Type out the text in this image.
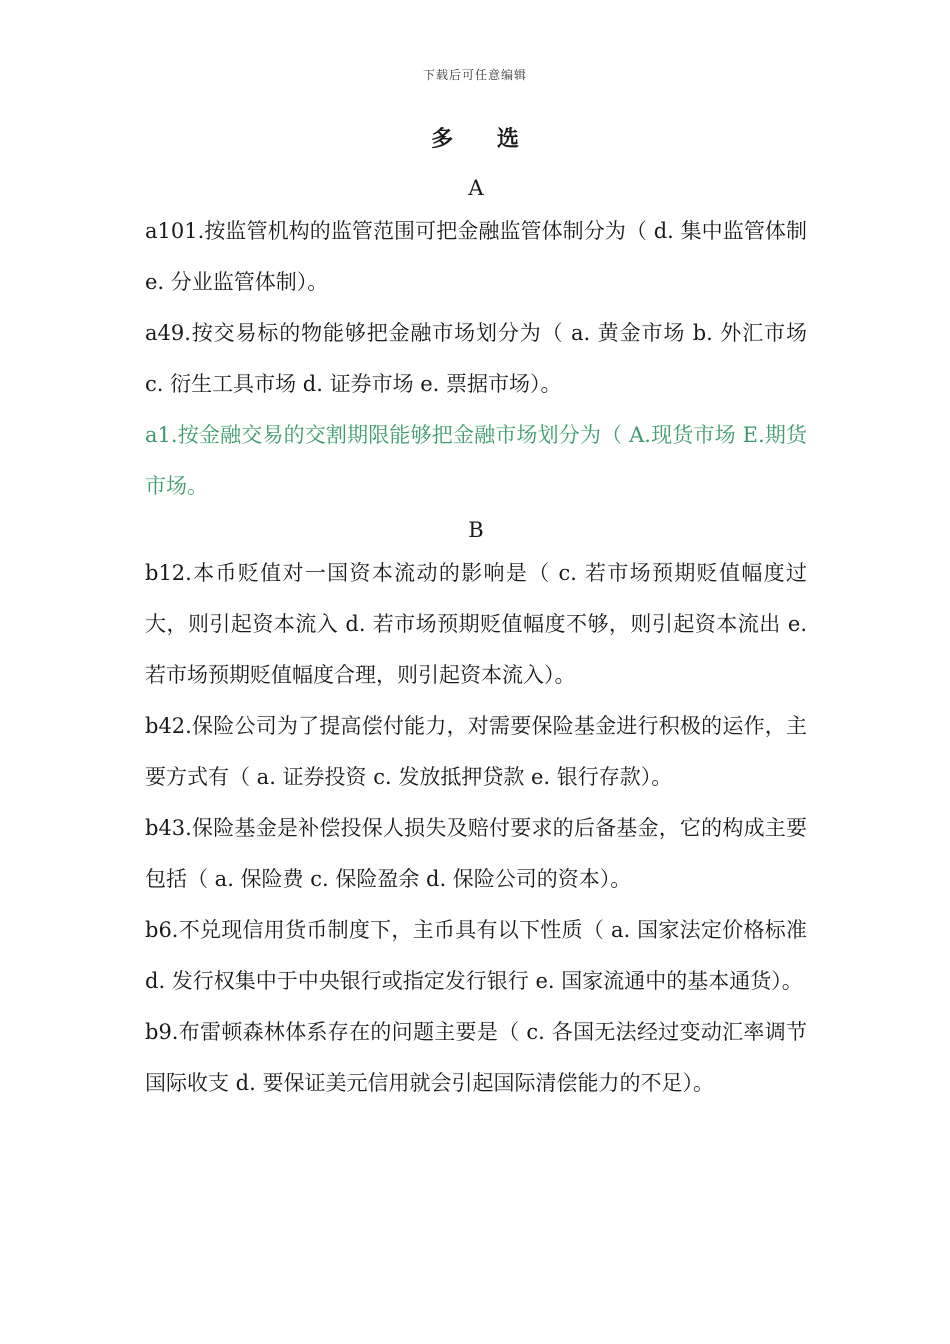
下载后可任意编辑
多 选
A

a101.按监管机构的监管范围可把金融监管体制分为（ d. 集中监管体制 e. 分业监管体制）。

a49.按交易标的物能够把金融市场划分为（ a. 黄金市场 b. 外汇市场 c. 衍生工具市场 d. 证券市场 e. 票据市场）。

a1.按金融交易的交割期限能够把金融市场划分为（ A.现货市场 E.期货市场。

B

b12.本币贬值对一国资本流动的影响是（ c. 若市场预期贬值幅度过大，则引起资本流入 d. 若市场预期贬值幅度不够，则引起资本流出 e. 若市场预期贬值幅度合理，则引起资本流入）。

b42.保险公司为了提高偿付能力，对需要保险基金进行积极的运作，主要方式有（ a. 证券投资 c. 发放抵押贷款 e. 银行存款）。

b43.保险基金是补偿投保人损失及赔付要求的后备基金，它的构成主要包括（ a. 保险费 c. 保险盈余 d. 保险公司的资本）。

b6.不兑现信用货币制度下，主币具有以下性质（ a. 国家法定价格标准 d. 发行权集中于中央银行或指定发行银行 e. 国家流通中的基本通货）。

b9.布雷顿森林体系存在的问题主要是（ c. 各国无法经过变动汇率调节国际收支 d. 要保证美元信用就会引起国际清偿能力的不足）。
